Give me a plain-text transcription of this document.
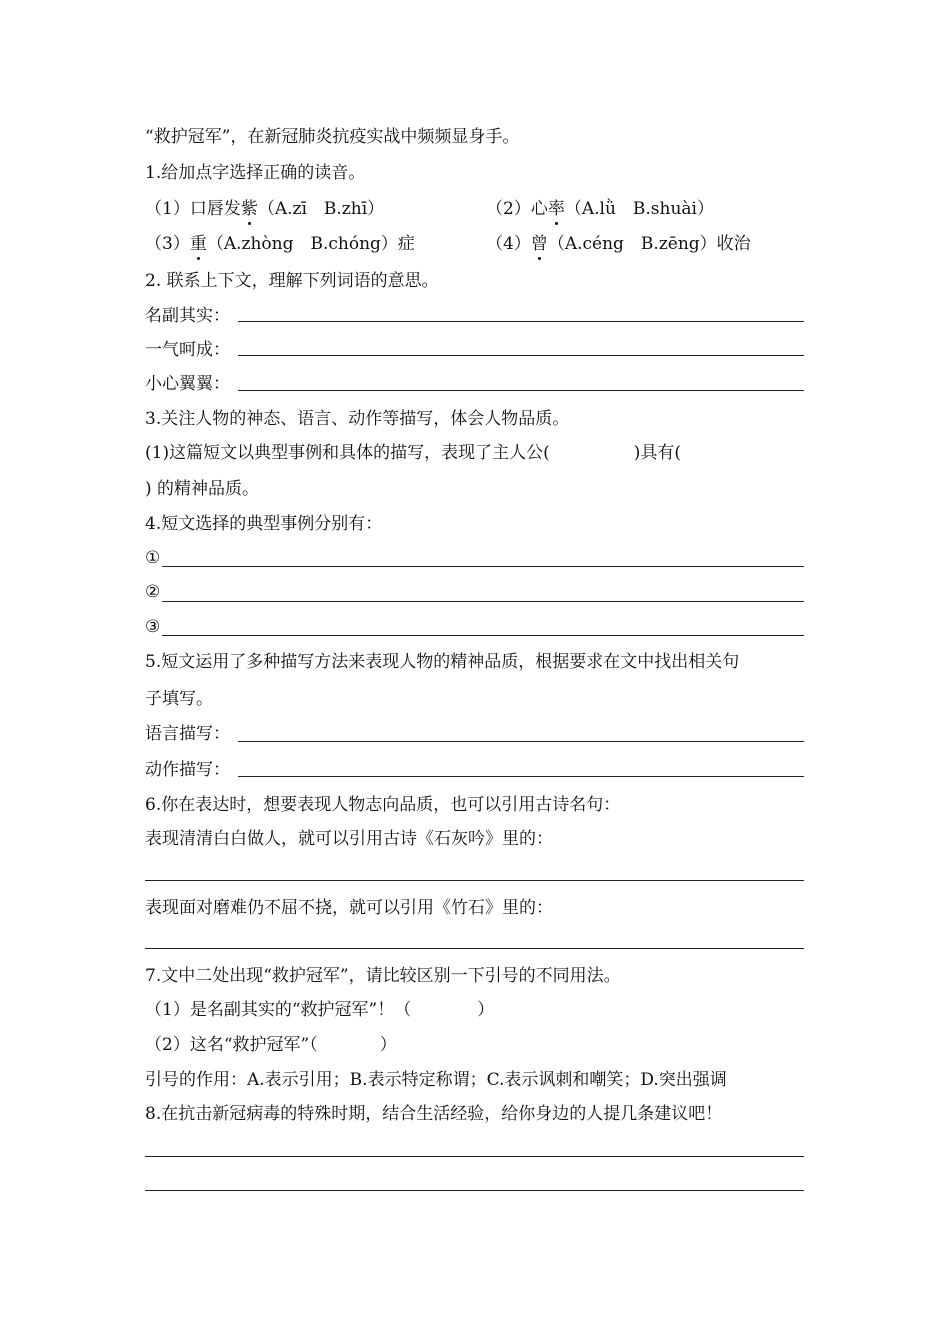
“救护冠军”，在新冠肺炎抗疫实战中频频显身手。
1.给加点字选择正确的读音。
（1）口唇发紫（A.zī　B.zhī）	（2）心率（A.lǜ　B.shuài）
（3）重（A.zhòng　B.chóng）症	（4）曾（A.céng　B.zēng）收治
2. 联系上下文，理解下列词语的意思。
名副其实：
一气呵成：
小心翼翼：
3.关注人物的神态、语言、动作等描写，体会人物品质。
(1)这篇短文以典型事例和具体的描写，表现了主人公(	)具有(
) 的精神品质。
4.短文选择的典型事例分别有：
①
②
③
5.短文运用了多种描写方法来表现人物的精神品质，根据要求在文中找出相关句
子填写。
语言描写：
动作描写：
6.你在表达时，想要表现人物志向品质，也可以引用古诗名句：
表现清清白白做人，就可以引用古诗《石灰吟》里的：
表现面对磨难仍不屈不挠，就可以引用《竹石》里的：
7.文中二处出现“救护冠军”，请比较区别一下引号的不同用法。
（1）是名副其实的“救护冠军”！（	）
（2）这名“救护冠军”（	）
引号的作用：A.表示引用；B.表示特定称谓；C.表示讽刺和嘲笑；D.突出强调
8.在抗击新冠病毒的特殊时期，结合生活经验，给你身边的人提几条建议吧！
